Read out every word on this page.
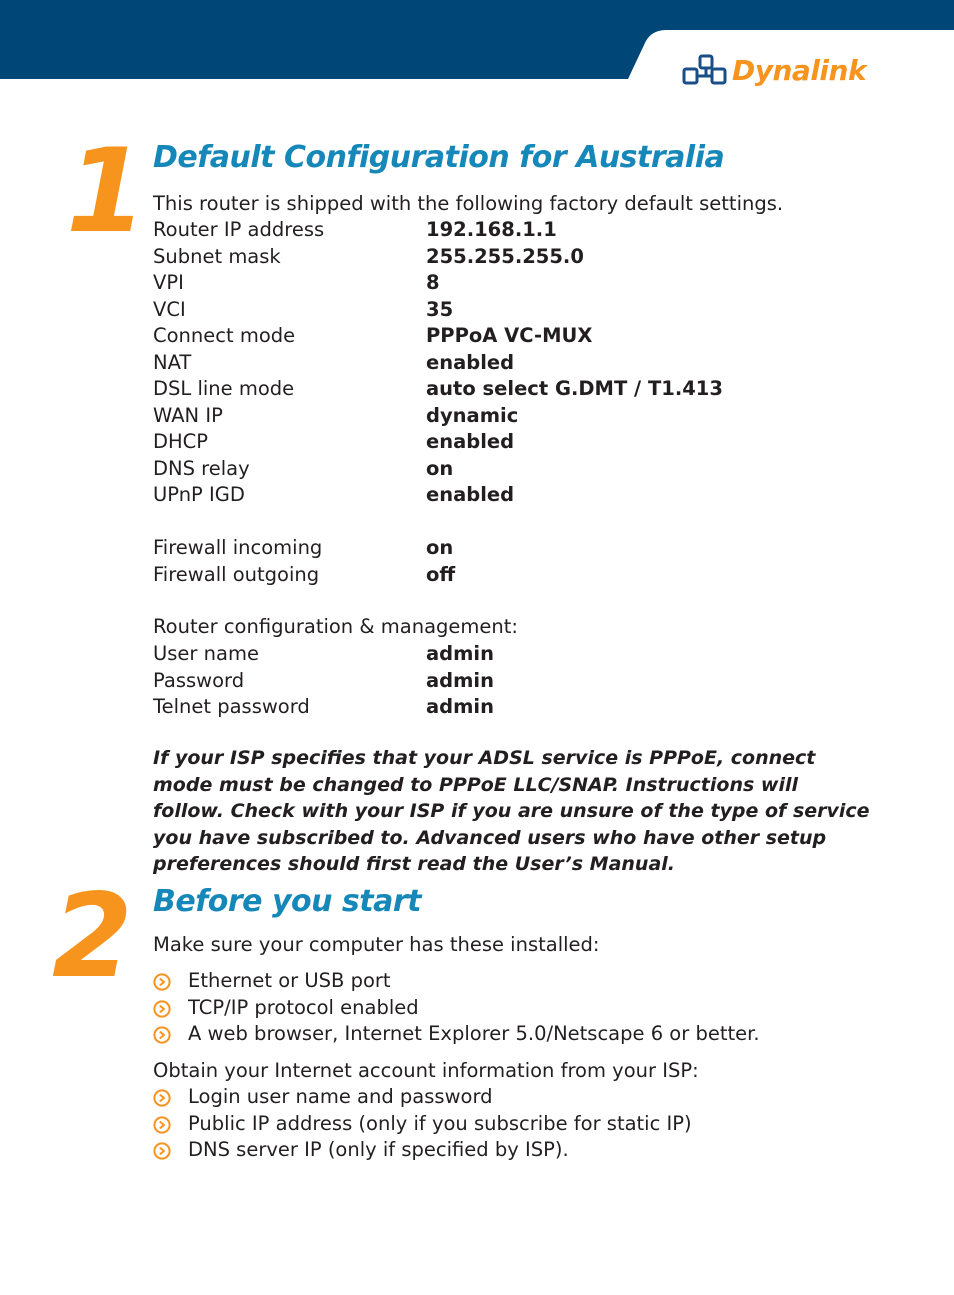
Dynalink
1 Default Configuration for Australia
This router is shipped with the following factory default settings.
Router IP address	192.168.1.1
Subnet mask	255.255.255.0
VPI	8
VCI	35
Connect mode	PPPoA VC-MUX
NAT	enabled
DSL line mode	auto select G.DMT / T1.413
WAN IP	dynamic
DHCP	enabled
DNS relay	on
UPnP IGD	enabled
Firewall incoming	on
Firewall outgoing	off
User name	admin
Password	admin
Telnet password	admin
Router configuration & management:

If your ISP specifies that your ADSL service is PPPoE, connect mode must be changed to PPPoE LLC/SNAP. Instructions will follow. Check with your ISP if you are unsure of the type of service you have subscribed to. Advanced users who have other setup preferences should first read the User’s Manual.

2 Before you start
Make sure your computer has these installed:
Ethernet or USB port
TCP/IP protocol enabled
A web browser, Internet Explorer 5.0/Netscape 6 or better.
Obtain your Internet account information from your ISP:
Login user name and password
Public IP address (only if you subscribe for static IP)
DNS server IP (only if specified by ISP).
